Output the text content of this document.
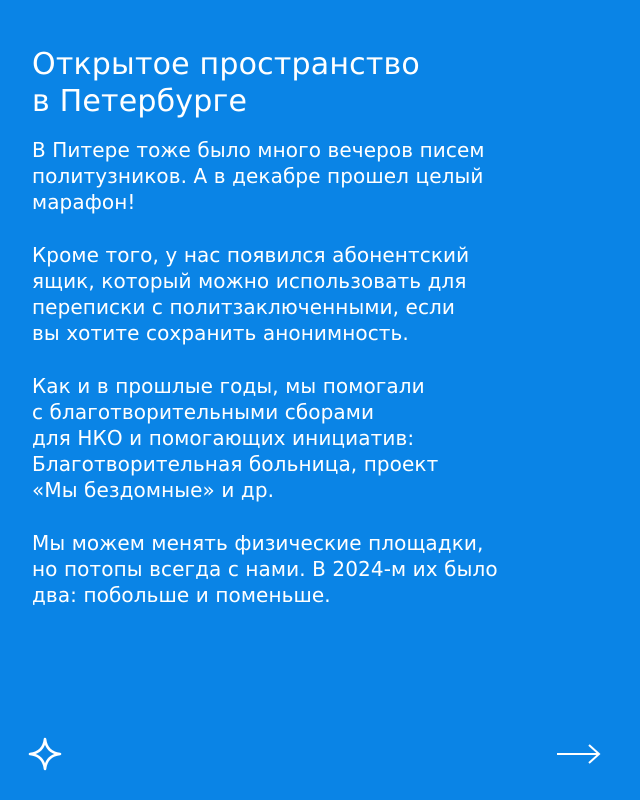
Открытое пространство
в Петербурге

В Питере тоже было много вечеров писем
политузников. А в декабре прошел целый
марафон!

Кроме того, у нас появился абонентский
ящик, который можно использовать для
переписки с политзаключенными, если
вы хотите сохранить анонимность.

Как и в прошлые годы, мы помогали
с благотворительными сборами
для НКО и помогающих инициатив:
Благотворительная больница, проект
«Мы бездомные» и др.

Мы можем менять физические площадки,
но потопы всегда с нами. В 2024-м их было
два: побольше и поменьше.
